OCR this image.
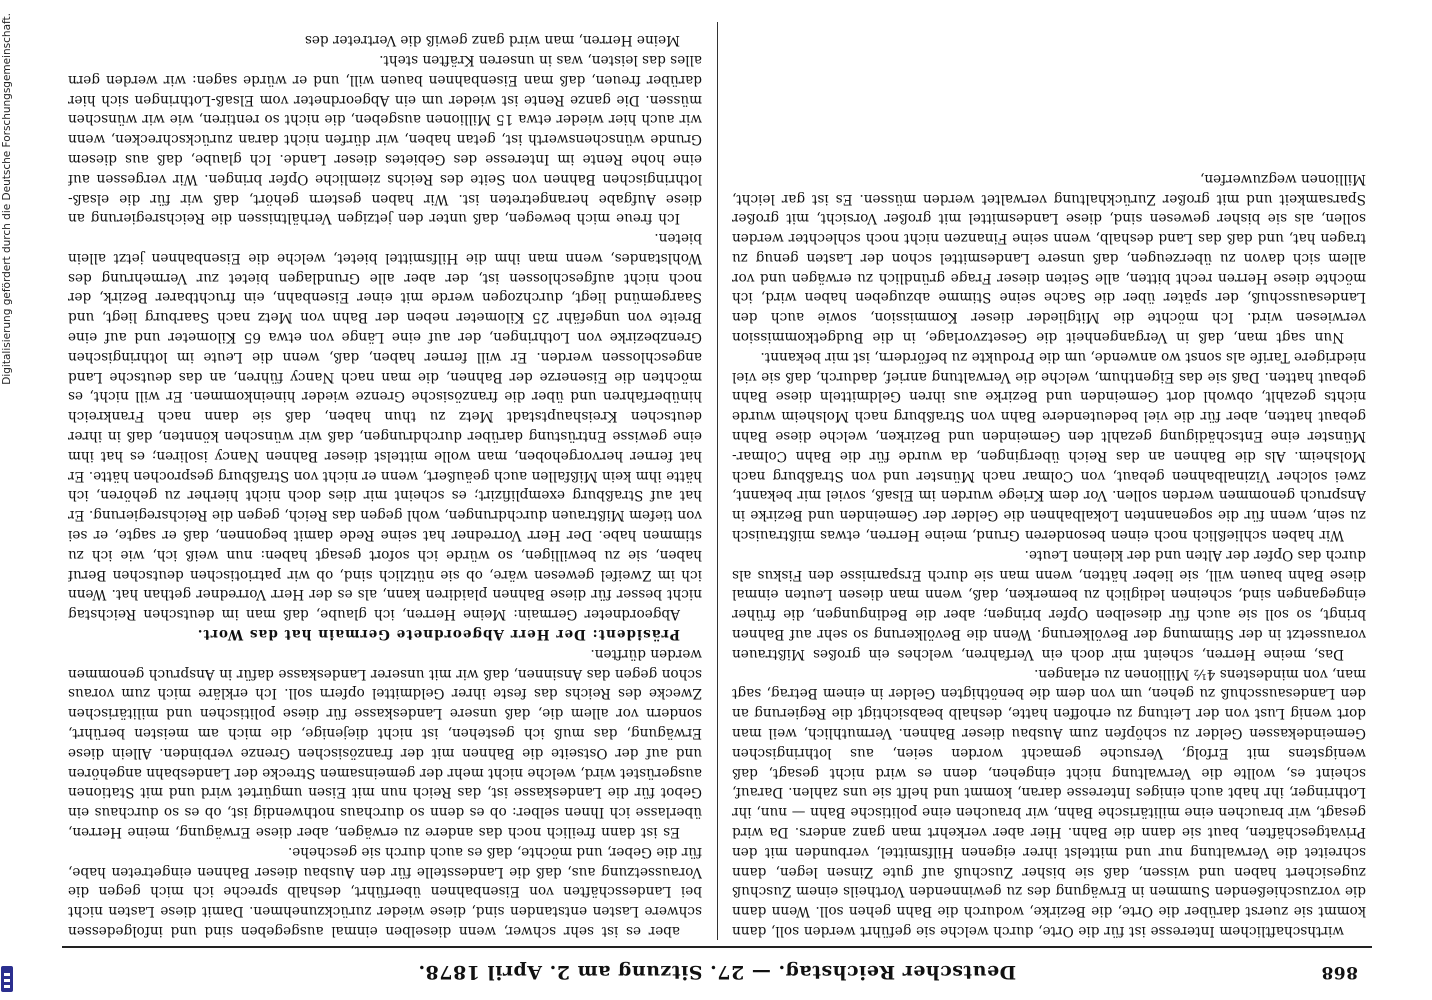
Digitalisierung gefördert durch die Deutsche Forschungsgemeinschaft.
868
Deutscher Reichstag. — 27. Sitzung am 2. April 1878.

wirthschaftlichem Interesse ist für die Orte, durch welche sie geführt werden soll, dann kommt sie zuerst darüber die Orte, die Bezirke, wodurch die Bahn gehen soll. Wenn dann die vorzuschießenden Summen in Erwägung des zu gewinnenden Vortheils einem Zuschuß zugesichert haben und wissen, daß sie bisher Zuschuß auf gute Zinsen legen, dann schreitet die Verwaltung nur und mittelst ihrer eigenen Hilfsmittel, verbunden mit den Privatgeschäften, baut sie dann die Bahn. Hier aber verkehrt man ganz anders. Da wird gesagt, wir brauchen eine militärische Bahn, wir brauchen eine politische Bahn — nun, ihr Lothringer, ihr habt auch einiges Interesse daran, kommt und helft sie uns zahlen. Darauf, scheint es, wollte die Verwaltung nicht eingehen, denn es wird nicht gesagt, daß wenigstens mit Erfolg, Versuche gemacht worden seien, aus lothringischen Gemeindekassen Gelder zu schöpfen zum Ausbau dieser Bahnen. Vermuthlich, weil man dort wenig Lust von der Leitung zu erhoffen hatte, deshalb beabsichtigt die Regierung an den Landesausschuß zu gehen, um von dem die benöthigten Gelder in einem Betrag, sagt man, von mindestens 4½ Millionen zu erlangen.

Das, meine Herren, scheint mir doch ein Verfahren, welches ein großes Mißtrauen voraussetzt in der Stimmung der Bevölkerung. Wenn die Bevölkerung so sehr auf Bahnen bringt, so soll sie auch für dieselben Opfer bringen; aber die Bedingungen, die früher eingegangen sind, scheinen lediglich zu bemerken, daß, wenn man diesen Leuten einmal diese Bahn bauen will, sie lieber hätten, wenn man sie durch Ersparnisse den Fiskus als durch das Opfer der Alten und der kleinen Leute.

Wir haben schließlich noch einen besonderen Grund, meine Herren, etwas mißtrauisch zu sein, wenn für die sogenannten Lokalbahnen die Gelder der Gemeinden und Bezirke in Anspruch genommen werden sollen. Vor dem Kriege wurden im Elsaß, soviel mir bekannt, zwei solcher Vizinalbahnen gebaut, von Colmar nach Münster und von Straßburg nach Molsheim. Als die Bahnen an das Reich übergingen, da wurde für die Bahn Colmar-Münster eine Entschädigung gezahlt den Gemeinden und Bezirken, welche diese Bahn gebaut hatten, aber für die viel bedeutendere Bahn von Straßburg nach Molsheim wurde nichts gezahlt, obwohl dort Gemeinden und Bezirke aus ihren Geldmitteln diese Bahn gebaut hatten. Daß sie das Eigenthum, welche die Verwaltung anrief, dadurch, daß sie viel niedrigere Tarife als sonst wo anwende, um die Produkte zu befördern, ist mir bekannt.

Nun sagt man, daß in Vergangenheit die Gesetzvorlage, in die Budgetkommission verwiesen wird. Ich möchte die Mitglieder dieser Kommission, sowie auch den Landesausschuß, der später über die Sache seine Stimme abzugeben haben wird, ich möchte diese Herren recht bitten, alle Seiten dieser Frage gründlich zu erwägen und vor allem sich davon zu überzeugen, daß unsere Landesmittel schon der Lasten genug zu tragen hat, und daß das Land deshalb, wenn seine Finanzen nicht noch schlechter werden sollen, als sie bisher gewesen sind, diese Landesmittel mit großer Vorsicht, mit großer Sparsamkeit und mit großer Zurückhaltung verwaltet werden müssen. Es ist gar leicht, Millionen wegzuwerfen,

aber es ist sehr schwer, wenn dieselben einmal ausgegeben sind und infolgedessen schwere Lasten entstanden sind, diese wieder zurückzunehmen. Damit diese Lasten nicht bei Landesschäften von Eisenbahnen überführt, deshalb spreche ich mich gegen die Voraussetzung aus, daß die Landesstelle für den Ausbau dieser Bahnen eingetreten habe, für die Geber, und möchte, daß es auch durch sie geschehe.

Es ist dann freilich noch das andere zu erwägen, aber diese Erwägung, meine Herren, überlasse ich Ihnen selber: ob es denn so durchaus nothwendig ist, ob es so durchaus ein Gebot für die Landeskasse ist, das Reich nun mit Eisen umgürtet wird und mit Stationen ausgerüstet wird, welche nicht mehr der gemeinsamen Strecke der Landesbahn angehören und auf der Ostseite die Bahnen mit der französischen Grenze verbinden. Allein diese Erwägung, das muß ich gestehen, ist nicht diejenige, die mich am meisten berührt, sondern vor allem die, daß unsere Landeskasse für diese politischen und militärischen Zwecke des Reichs das feste ihrer Geldmittel opfern soll. Ich erkläre mich zum voraus schon gegen das Ansinnen, daß wir mit unserer Landeskasse dafür in Anspruch genommen werden dürften.

Präsident: Der Herr Abgeordnete Germain hat das Wort.

Abgeordneter Germain: Meine Herren, ich glaube, daß man im deutschen Reichstag nicht besser für diese Bahnen plaidiren kann, als es der Herr Vorredner gethan hat. Wenn ich im Zweifel gewesen wäre, ob sie nützlich sind, ob wir patriotischen deutschen Beruf haben, sie zu bewilligen, so würde ich sofort gesagt haben: nun weiß ich, wie ich zu stimmen habe. Der Herr Vorredner hat seine Rede damit begonnen, daß er sagte, er sei von tiefem Mißtrauen durchdrungen, wohl gegen das Reich, gegen die Reichsregierung. Er hat auf Straßburg exemplifizirt; es scheint mir dies doch nicht hierher zu gehören, ich hätte ihm kein Mißfallen auch geäußert, wenn er nicht von Straßburg gesprochen hätte. Er hat ferner hervorgehoben, man wolle mittelst dieser Bahnen Nancy isoliren; es hat ihm eine gewisse Entrüstung darüber durchdrungen, daß wir wünschen könnten, daß in ihrer deutschen Kreishauptstadt Metz zu thun haben, daß sie dann nach Frankreich hinüberfahren und über die französische Grenze wieder hineinkommen. Er will nicht, es möchten die Eisenerze der Bahnen, die man nach Nancy führen, an das deutsche Land angeschlossen werden. Er will ferner haben, daß, wenn die Leute im lothringischen Grenzbezirke von Lothringen, der auf eine Länge von etwa 65 Kilometer und auf eine Breite von ungefähr 25 Kilometer neben der Bahn von Metz nach Saarburg liegt, und Saargemünd liegt, durchzogen werde mit einer Eisenbahn, ein fruchtbarer Bezirk, der noch nicht aufgeschlossen ist, der aber alle Grundlagen bietet zur Vermehrung des Wohlstandes, wenn man ihm die Hilfsmittel bietet, welche die Eisenbahnen jetzt allein bieten.

Ich freue mich bewegen, daß unter den jetzigen Verhältnissen die Reichsregierung an diese Aufgabe herangetreten ist. Wir haben gestern gehört, daß wir für die elsaß-lothringischen Bahnen von Seite des Reichs ziemliche Opfer bringen. Wir vergessen auf eine hohe Rente im Interesse des Gebietes dieser Lande. Ich glaube, daß aus diesem Grunde wünschenswerth ist, getan haben, wir dürfen nicht daran zurückschrecken, wenn wir auch hier wieder etwa 15 Millionen ausgeben, die nicht so rentiren, wie wir wünschen müssen. Die ganze Rente ist wieder um ein Abgeordneter vom Elsaß-Lothringen sich hier darüber freuen, daß man Eisenbahnen bauen will, und er würde sagen: wir werden gern alles das leisten, was in unseren Kräften steht.

Meine Herren, man wird ganz gewiß die Vertreter des
